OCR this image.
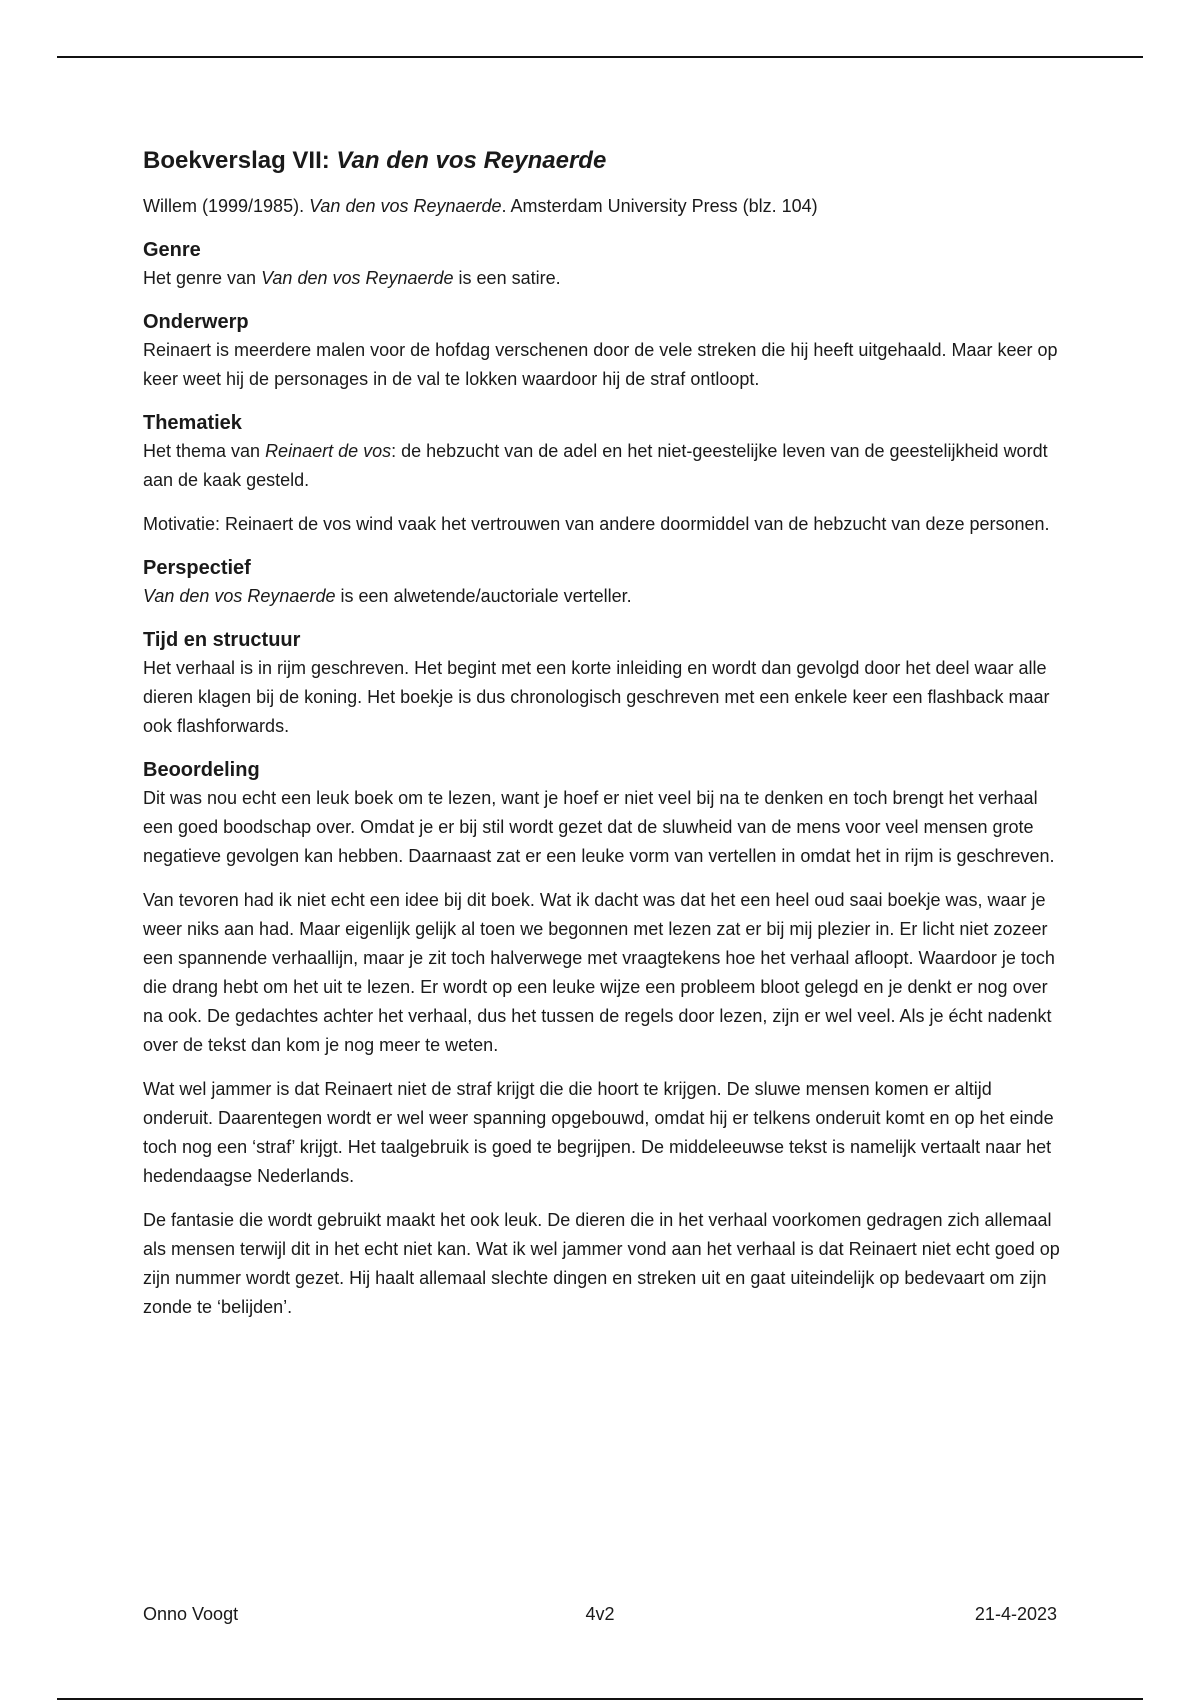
Boekverslag VII: Van den vos Reynaerde

Willem (1999/1985). Van den vos Reynaerde. Amsterdam University Press (blz. 104)

Genre

Het genre van Van den vos Reynaerde is een satire.

Onderwerp

Reinaert is meerdere malen voor de hofdag verschenen door de vele streken die hij heeft uitgehaald. Maar keer op keer weet hij de personages in de val te lokken waardoor hij de straf ontloopt.

Thematiek

Het thema van Reinaert de vos: de hebzucht van de adel en het niet-geestelijke leven van de geestelijkheid wordt aan de kaak gesteld.

Motivatie: Reinaert de vos wind vaak het vertrouwen van andere doormiddel van de hebzucht van deze personen.

Perspectief

Van den vos Reynaerde is een alwetende/auctoriale verteller.

Tijd en structuur

Het verhaal is in rijm geschreven. Het begint met een korte inleiding en wordt dan gevolgd door het deel waar alle dieren klagen bij de koning. Het boekje is dus chronologisch geschreven met een enkele keer een flashback maar ook flashforwards.

Beoordeling

Dit was nou echt een leuk boek om te lezen, want je hoef er niet veel bij na te denken en toch brengt het verhaal een goed boodschap over. Omdat je er bij stil wordt gezet dat de sluwheid van de mens voor veel mensen grote negatieve gevolgen kan hebben. Daarnaast zat er een leuke vorm van vertellen in omdat het in rijm is geschreven.

Van tevoren had ik niet echt een idee bij dit boek. Wat ik dacht was dat het een heel oud saai boekje was, waar je weer niks aan had. Maar eigenlijk gelijk al toen we begonnen met lezen zat er bij mij plezier in. Er licht niet zozeer een spannende verhaallijn, maar je zit toch halverwege met vraagtekens hoe het verhaal afloopt. Waardoor je toch die drang hebt om het uit te lezen. Er wordt op een leuke wijze een probleem bloot gelegd en je denkt er nog over na ook. De gedachtes achter het verhaal, dus het tussen de regels door lezen, zijn er wel veel. Als je écht nadenkt over de tekst dan kom je nog meer te weten.

Wat wel jammer is dat Reinaert niet de straf krijgt die die hoort te krijgen. De sluwe mensen komen er altijd onderuit. Daarentegen wordt er wel weer spanning opgebouwd, omdat hij er telkens onderuit komt en op het einde toch nog een ‘straf’ krijgt. Het taalgebruik is goed te begrijpen. De middeleeuwse tekst is namelijk vertaalt naar het hedendaagse Nederlands.

De fantasie die wordt gebruikt maakt het ook leuk. De dieren die in het verhaal voorkomen gedragen zich allemaal als mensen terwijl dit in het echt niet kan. Wat ik wel jammer vond aan het verhaal is dat Reinaert niet echt goed op zijn nummer wordt gezet. Hij haalt allemaal slechte dingen en streken uit en gaat uiteindelijk op bedevaart om zijn zonde te ‘belijden’.

Onno Voogt	4v2	21-4-2023
